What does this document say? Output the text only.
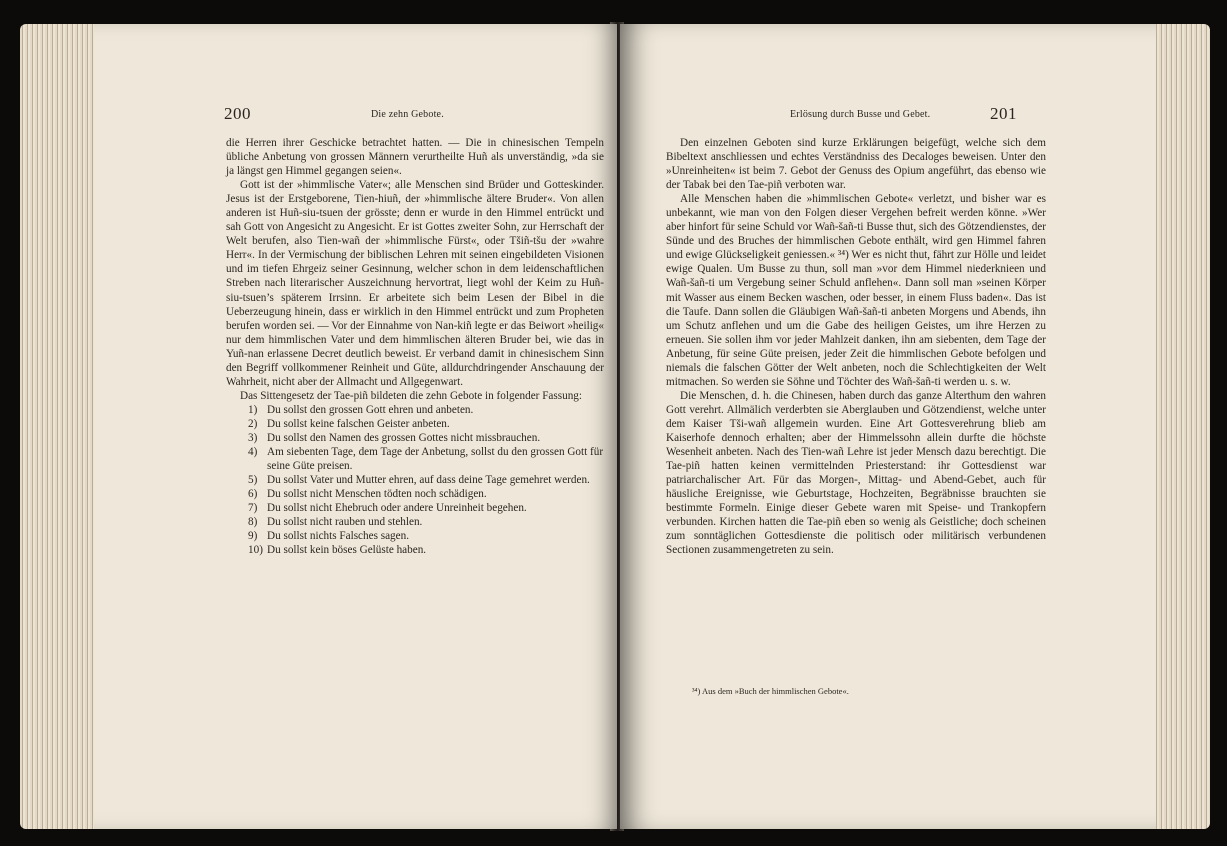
200	Die zehn Gebote.

die Herren ihrer Geschicke betrachtet hatten. — Die in chinesischen Tempeln übliche Anbetung von grossen Männern verurtheilte Huñ als unverständig, »da sie ja längst gen Himmel gegangen seien«.

Gott ist der »himmlische Vater«; alle Menschen sind Brüder und Gotteskinder. Jesus ist der Erstgeborene, Tien-hiuñ, der »himmlische ältere Bruder«. Von allen anderen ist Huñ-siu-tsuen der grösste; denn er wurde in den Himmel entrückt und sah Gott von Angesicht zu Angesicht. Er ist Gottes zweiter Sohn, zur Herrschaft der Welt berufen, also Tien-wañ der »himmlische Fürst«, oder Tšiñ-tšu der »wahre Herr«. In der Vermischung der biblischen Lehren mit seinen eingebildeten Visionen und im tiefen Ehrgeiz seiner Gesinnung, welcher schon in dem leidenschaftlichen Streben nach literarischer Auszeichnung hervortrat, liegt wohl der Keim zu Huñ-siu-tsuen’s späterem Irrsinn. Er arbeitete sich beim Lesen der Bibel in die Ueberzeugung hinein, dass er wirklich in den Himmel entrückt und zum Propheten berufen worden sei. — Vor der Einnahme von Nan-kiñ legte er das Beiwort »heilig« nur dem himmlischen Vater und dem himmlischen älteren Bruder bei, wie das in Yuñ-nan erlassene Decret deutlich beweist. Er verband damit in chinesischem Sinn den Begriff vollkommener Reinheit und Güte, alldurchdringender Anschauung der Wahrheit, nicht aber der Allmacht und Allgegenwart.

Das Sittengesetz der Tae-piñ bildeten die zehn Gebote in folgender Fassung:

1) Du sollst den grossen Gott ehren und anbeten.
2) Du sollst keine falschen Geister anbeten.
3) Du sollst den Namen des grossen Gottes nicht missbrauchen.
4) Am siebenten Tage, dem Tage der Anbetung, sollst du den grossen Gott für seine Güte preisen.
5) Du sollst Vater und Mutter ehren, auf dass deine Tage gemehret werden.
6) Du sollst nicht Menschen tödten noch schädigen.
7) Du sollst nicht Ehebruch oder andere Unreinheit begehen.
8) Du sollst nicht rauben und stehlen.
9) Du sollst nichts Falsches sagen.
10) Du sollst kein böses Gelüste haben.
Erlösung durch Busse und Gebet.	201

Den einzelnen Geboten sind kurze Erklärungen beigefügt, welche sich dem Bibeltext anschliessen und echtes Verständniss des Decaloges beweisen. Unter den »Unreinheiten« ist beim 7. Gebot der Genuss des Opium angeführt, das ebenso wie der Tabak bei den Tae-piñ verboten war.

Alle Menschen haben die »himmlischen Gebote« verletzt, und bisher war es unbekannt, wie man von den Folgen dieser Vergehen befreit werden könne. »Wer aber hinfort für seine Schuld vor Wañ-šañ-ti Busse thut, sich des Götzendienstes, der Sünde und des Bruches der himmlischen Gebote enthält, wird gen Himmel fahren und ewige Glückseligkeit geniessen.« ³⁴) Wer es nicht thut, fährt zur Hölle und leidet ewige Qualen. Um Busse zu thun, soll man »vor dem Himmel niederknieen und Wañ-šañ-ti um Vergebung seiner Schuld anflehen«. Dann soll man »seinen Körper mit Wasser aus einem Becken waschen, oder besser, in einem Fluss baden«. Das ist die Taufe. Dann sollen die Gläubigen Wañ-šañ-ti anbeten Morgens und Abends, ihn um Schutz anflehen und um die Gabe des heiligen Geistes, um ihre Herzen zu erneuen. Sie sollen ihm vor jeder Mahlzeit danken, ihn am siebenten, dem Tage der Anbetung, für seine Güte preisen, jeder Zeit die himmlischen Gebote befolgen und niemals die falschen Götter der Welt anbeten, noch die Schlechtigkeiten der Welt mitmachen. So werden sie Söhne und Töchter des Wañ-šañ-ti werden u. s. w.

Die Menschen, d. h. die Chinesen, haben durch das ganze Alterthum den wahren Gott verehrt. Allmälich verderbten sie Aberglauben und Götzendienst, welche unter dem Kaiser Tši-wañ allgemein wurden. Eine Art Gottesverehrung blieb am Kaiserhofe dennoch erhalten; aber der Himmelssohn allein durfte die höchste Wesenheit anbeten. Nach des Tien-wañ Lehre ist jeder Mensch dazu berechtigt. Die Tae-piñ hatten keinen vermittelnden Priesterstand: ihr Gottesdienst war patriarchalischer Art. Für das Morgen-, Mittag- und Abend-Gebet, auch für häusliche Ereignisse, wie Geburtstage, Hochzeiten, Begräbnisse brauchten sie bestimmte Formeln. Einige dieser Gebete waren mit Speise- und Trankopfern verbunden. Kirchen hatten die Tae-piñ eben so wenig als Geistliche; doch scheinen zum sonntäglichen Gottesdienste die politisch oder militärisch verbundenen Sectionen zusammengetreten zu sein.

³⁴) Aus dem »Buch der himmlischen Gebote«.
